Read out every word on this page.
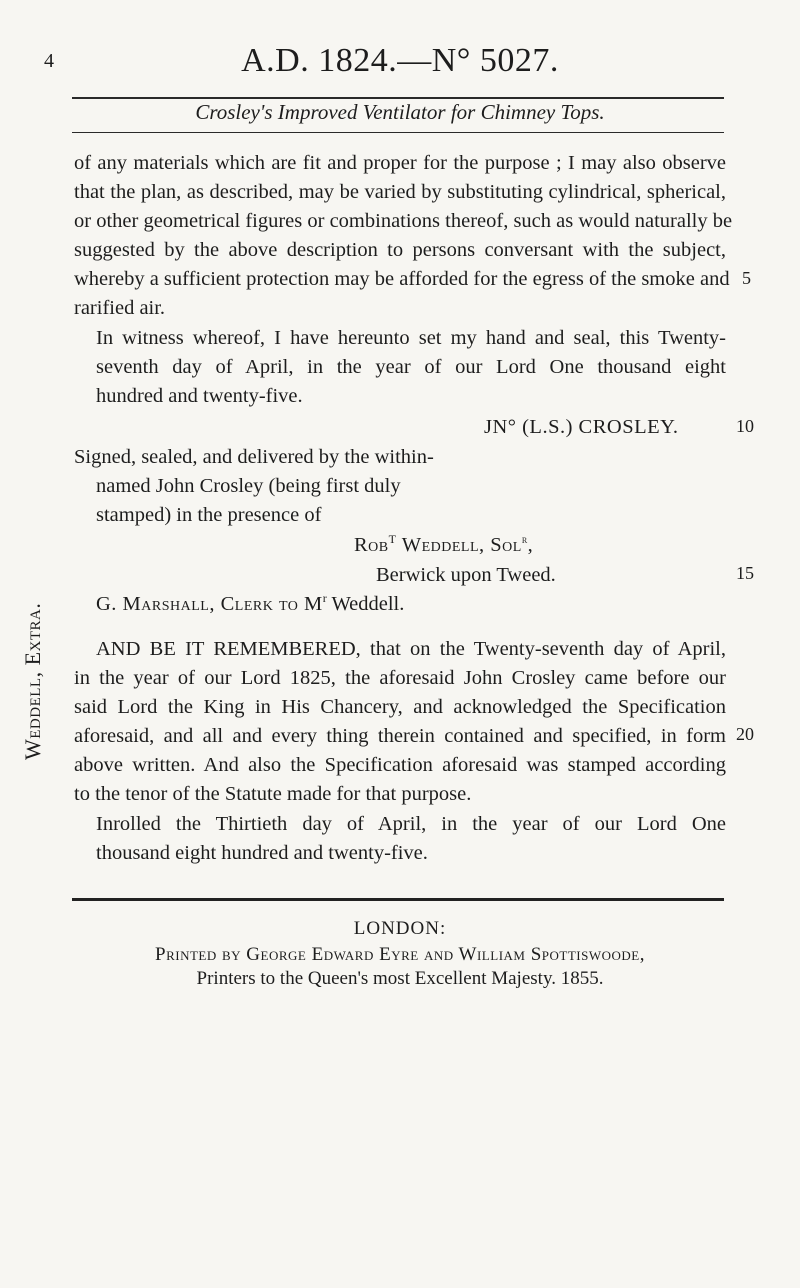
4	A.D. 1824.—N° 5027.
Crosley's Improved Ventilator for Chimney Tops.
of any materials which are fit and proper for the purpose ; I may also observe
that the plan, as described, may be varied by substituting cylindrical, spherical,
or other geometrical figures or combinations thereof, such as would naturally be
suggested by the above description to persons conversant with the subject,
whereby a sufficient protection may be afforded for the egress of the smoke and
rarified air.
In witness whereof, I have hereunto set my hand and seal, this Twenty-
seventh day of April, in the year of our Lord One thousand eight
hundred and twenty-five.
JN° (L.S.) CROSLEY.
Signed, sealed, and delivered by the within-
named John Crosley (being first duly
stamped) in the presence of
Rob$^T$ Weddell, Sol$^r$,
Berwick upon Tweed.
G. Marshall, Clerk to $M^r$ Weddell.
AND BE IT REMEMBERED, that on the Twenty-seventh day of April,
in the year of our Lord 1825, the aforesaid John Crosley came before our
said Lord the King in His Chancery, and acknowledged the Specification
aforesaid, and all and every thing therein contained and specified, in form
above written. And also the Specification aforesaid was stamped according
to the tenor of the Statute made for that purpose.
Inrolled the Thirtieth day of April, in the year of our Lord One
thousand eight hundred and twenty-five.
5
10
15
20
Weddell, Extra.
LONDON:
Printed by George Edward Eyre and William Spottiswoode,
Printers to the Queen's most Excellent Majesty. 1855.
